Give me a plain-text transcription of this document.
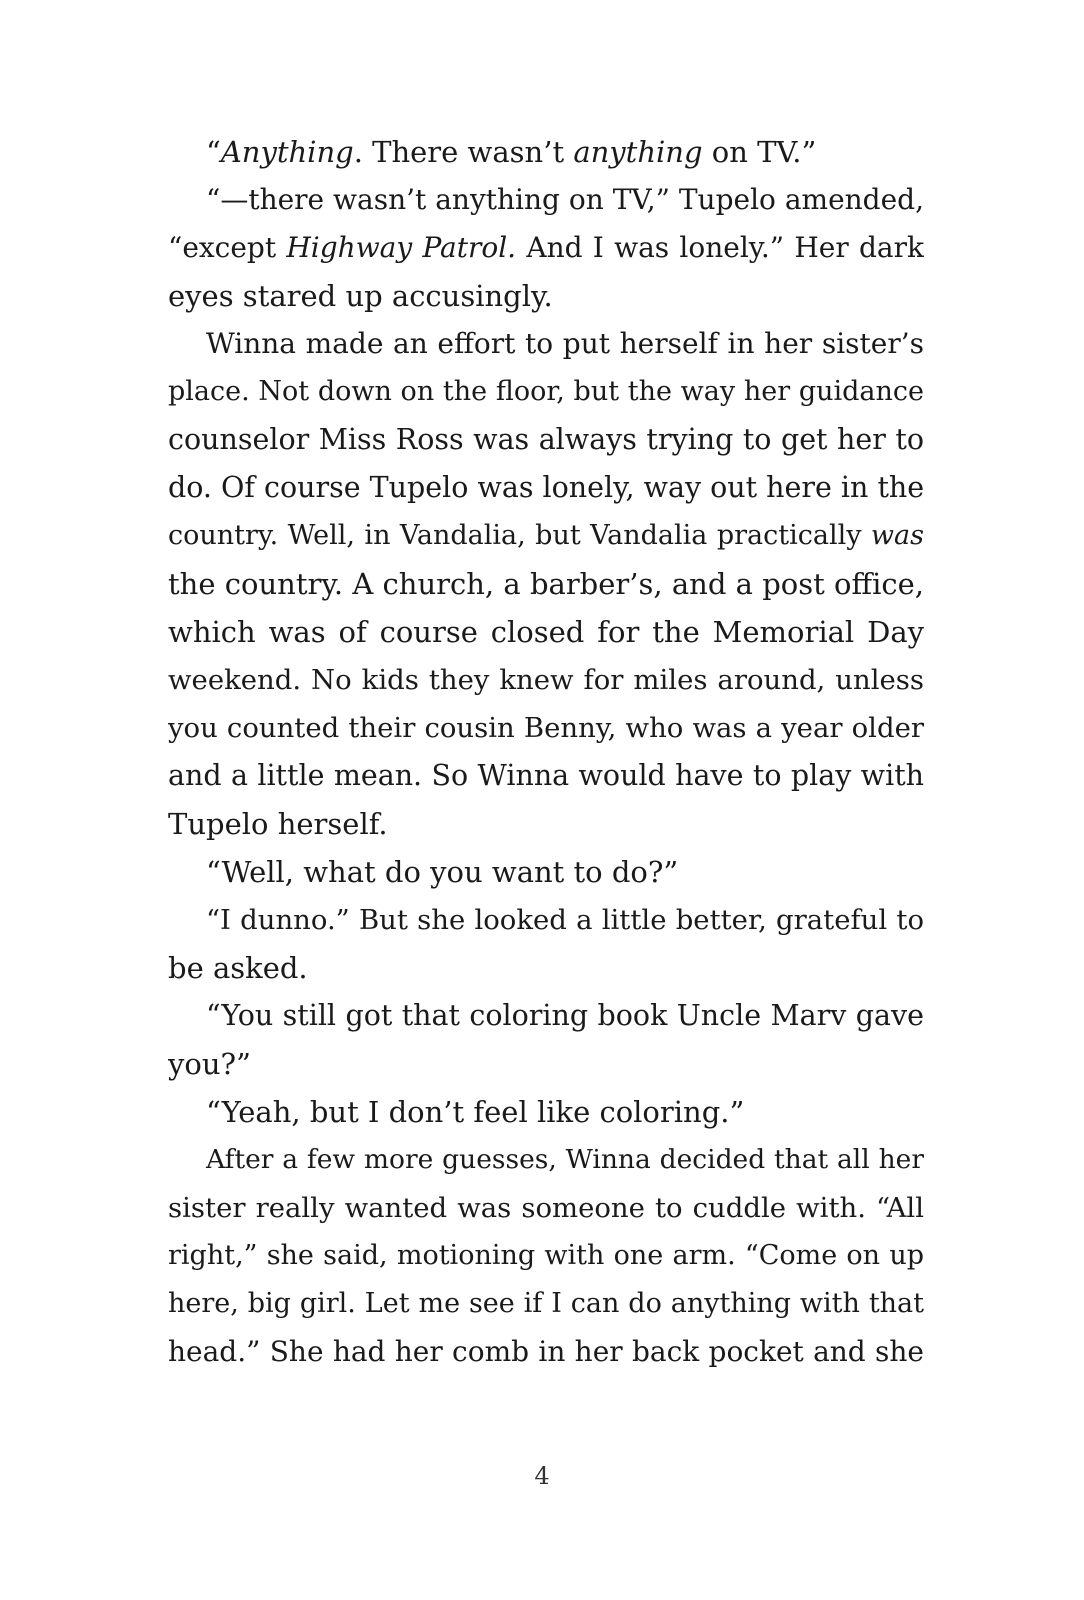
“Anything. There wasn’t anything on TV.”
“—there wasn’t anything on TV,” Tupelo amended,
“except Highway Patrol. And I was lonely.” Her dark
eyes stared up accusingly.
Winna made an effort to put herself in her sister’s
place. Not down on the floor, but the way her guidance
counselor Miss Ross was always trying to get her to
do. Of course Tupelo was lonely, way out here in the
country. Well, in Vandalia, but Vandalia practically was
the country. A church, a barber’s, and a post office,
which was of course closed for the Memorial Day
weekend. No kids they knew for miles around, unless
you counted their cousin Benny, who was a year older
and a little mean. So Winna would have to play with
Tupelo herself.
“Well, what do you want to do?”
“I dunno.” But she looked a little better, grateful to
be asked.
“You still got that coloring book Uncle Marv gave
you?”
“Yeah, but I don’t feel like coloring.”
After a few more guesses, Winna decided that all her
sister really wanted was someone to cuddle with. “All
right,” she said, motioning with one arm. “Come on up
here, big girl. Let me see if I can do anything with that
head.” She had her comb in her back pocket and she
4
